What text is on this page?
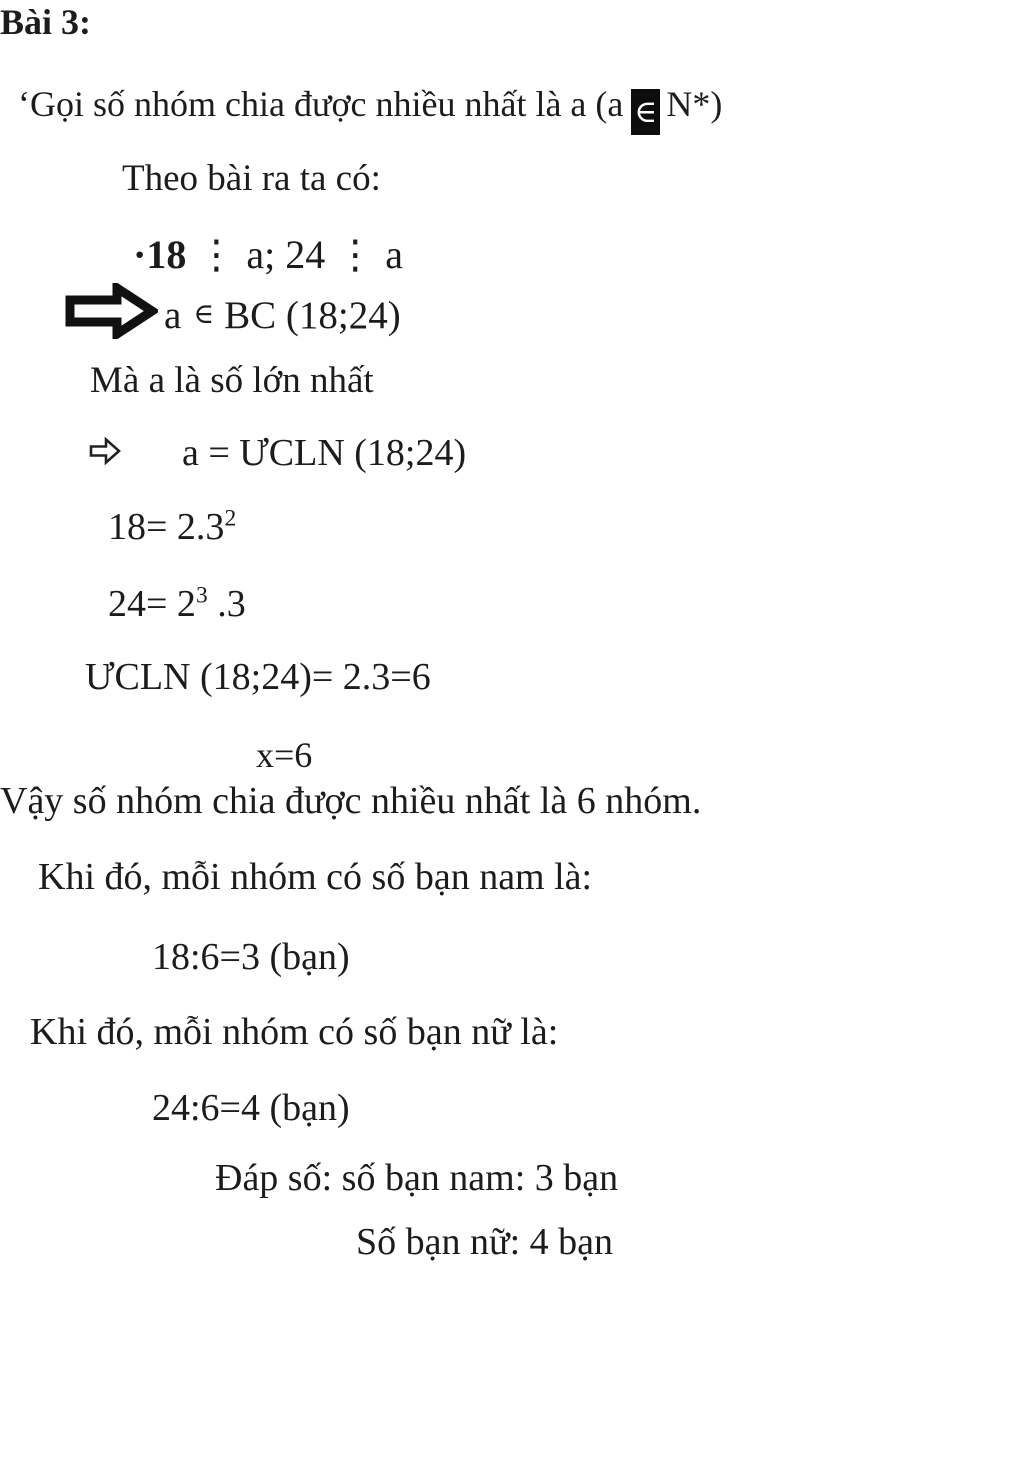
Bài 3:
‘Gọi số nhóm chia được nhiều nhất là a (a ∈ N*)
Theo bài ra ta có:
·18 ⋮ a; 24 ⋮ a
a ∈ BC (18;24)
Mà a là số lớn nhất
a = ƯCLN (18;24)
$18= 2.3^2$
$24= 2^3$ .3
ƯCLN (18;24)= 2.3=6
x=6
Vậy số nhóm chia được nhiều nhất là 6 nhóm.
Khi đó, mỗi nhóm có số bạn nam là:
18:6=3 (bạn)
Khi đó, mỗi nhóm có số bạn nữ là:
24:6=4 (bạn)
Đáp số: số bạn nam: 3 bạn
Số bạn nữ: 4 bạn
